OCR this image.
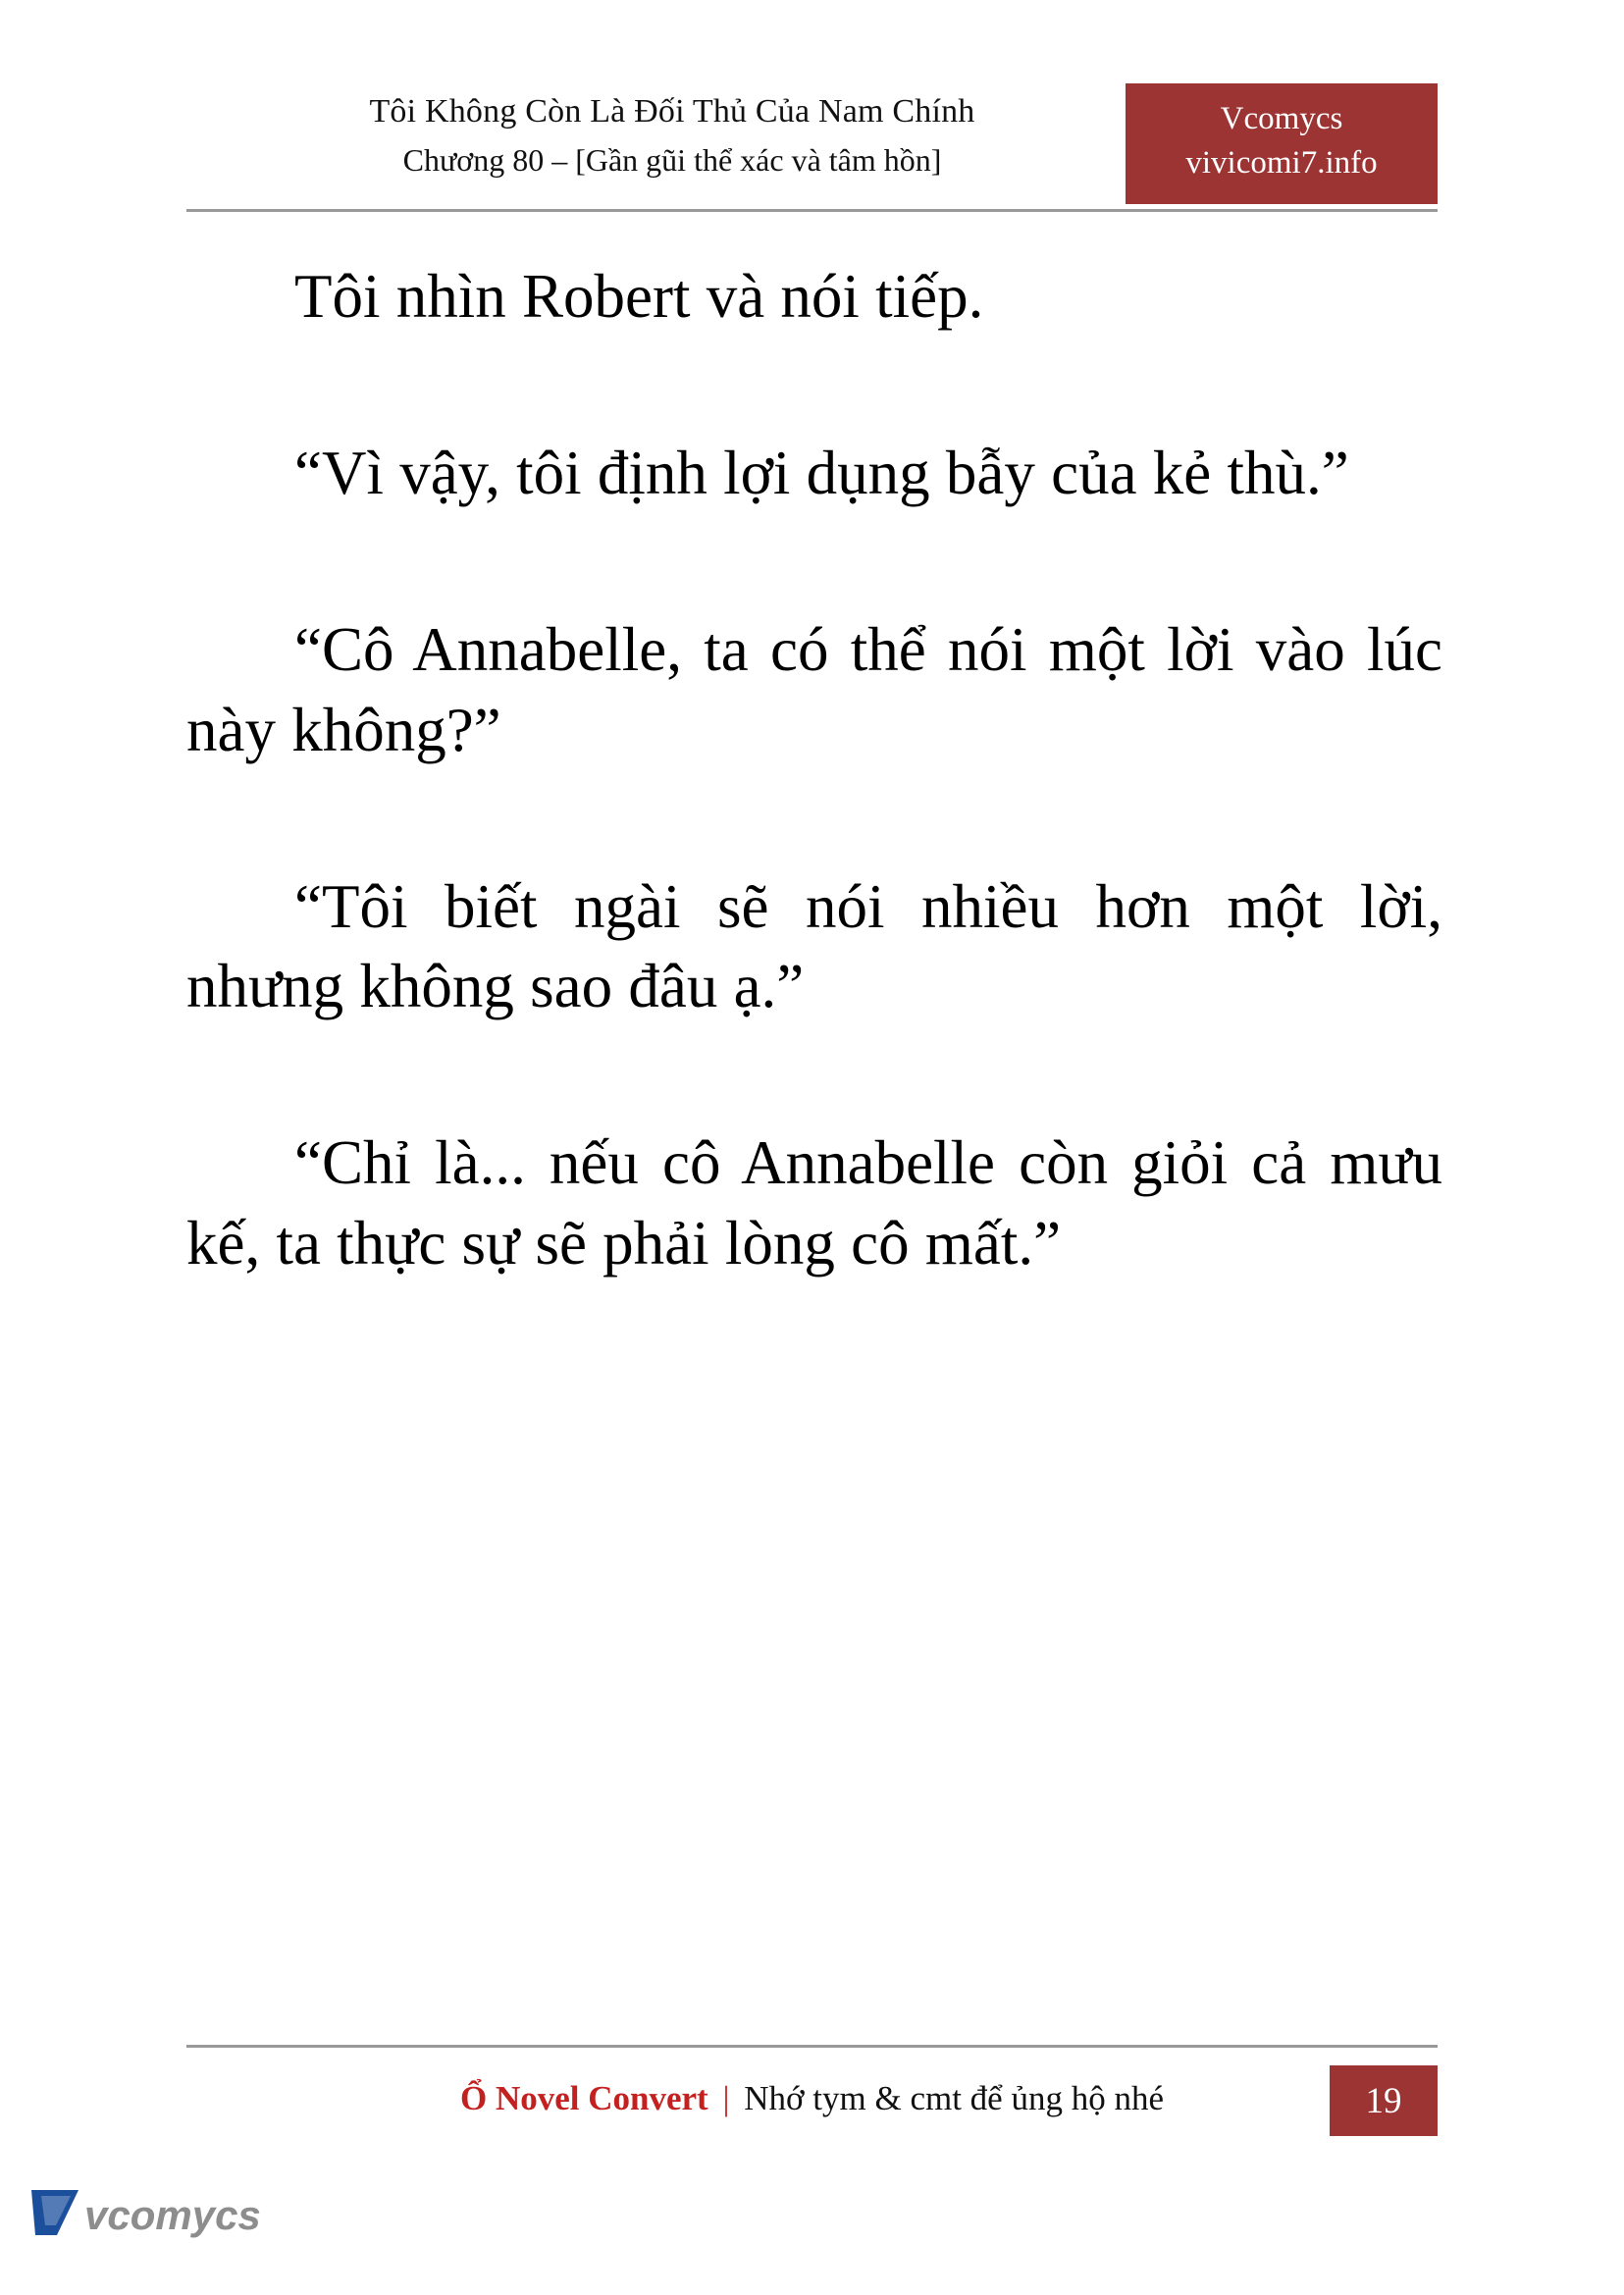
Tôi Không Còn Là Đối Thủ Của Nam Chính
Chương 80 – [Gần gũi thể xác và tâm hồn]
Vcomycs
vivicomi7.info

Tôi nhìn Robert và nói tiếp.

“Vì vậy, tôi định lợi dụng bẫy của kẻ thù.”

“Cô Annabelle, ta có thể nói một lời vào lúc này không?”

“Tôi biết ngài sẽ nói nhiều hơn một lời, nhưng không sao đâu ạ.”

“Chỉ là... nếu cô Annabelle còn giỏi cả mưu kế, ta thực sự sẽ phải lòng cô mất.”

Ổ Novel Convert | Nhớ tym & cmt để ủng hộ nhé	19
vcomycs
